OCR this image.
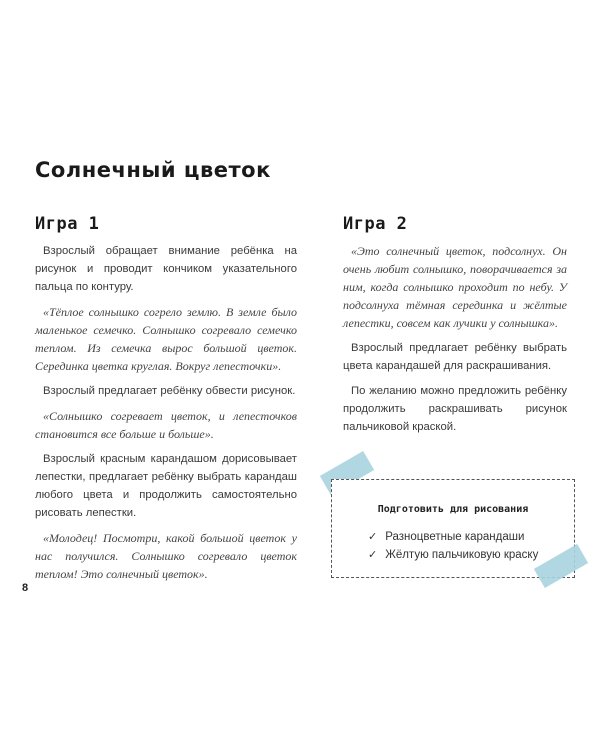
Солнечный цветок
Игра 1

Взрослый обращает внимание ребёнка на рисунок и проводит кончиком указательного пальца по контуру.

«Тёплое солнышко согрело землю. В земле было маленькое семечко. Солнышко согревало семечко теплом. Из семечка вырос большой цветок. Серединка цветка круглая. Вокруг лепесточки».

Взрослый предлагает ребёнку обвести рисунок.

«Солнышко согревает цветок, и лепесточков становится все больше и больше».

Взрослый красным карандашом дорисовывает лепестки, предлагает ребёнку выбрать карандаш любого цвета и продолжить самостоятельно рисовать лепестки.

«Молодец! Посмотри, какой большой цветок у нас получился. Солнышко согревало цветок теплом! Это солнечный цветок».

Игра 2

«Это солнечный цветок, подсолнух. Он очень любит солнышко, поворачивается за ним, когда солнышко проходит по небу. У подсолнуха тёмная серединка и жёлтые лепестки, совсем как лучики у солнышка».

Взрослый предлагает ребёнку выбрать цвета карандашей для раскрашивания.

По желанию можно предложить ребёнку продолжить раскрашивать рисунок пальчиковой краской.

Подготовить для рисования
✓ Разноцветные карандаши
✓ Жёлтую пальчиковую краску
8
